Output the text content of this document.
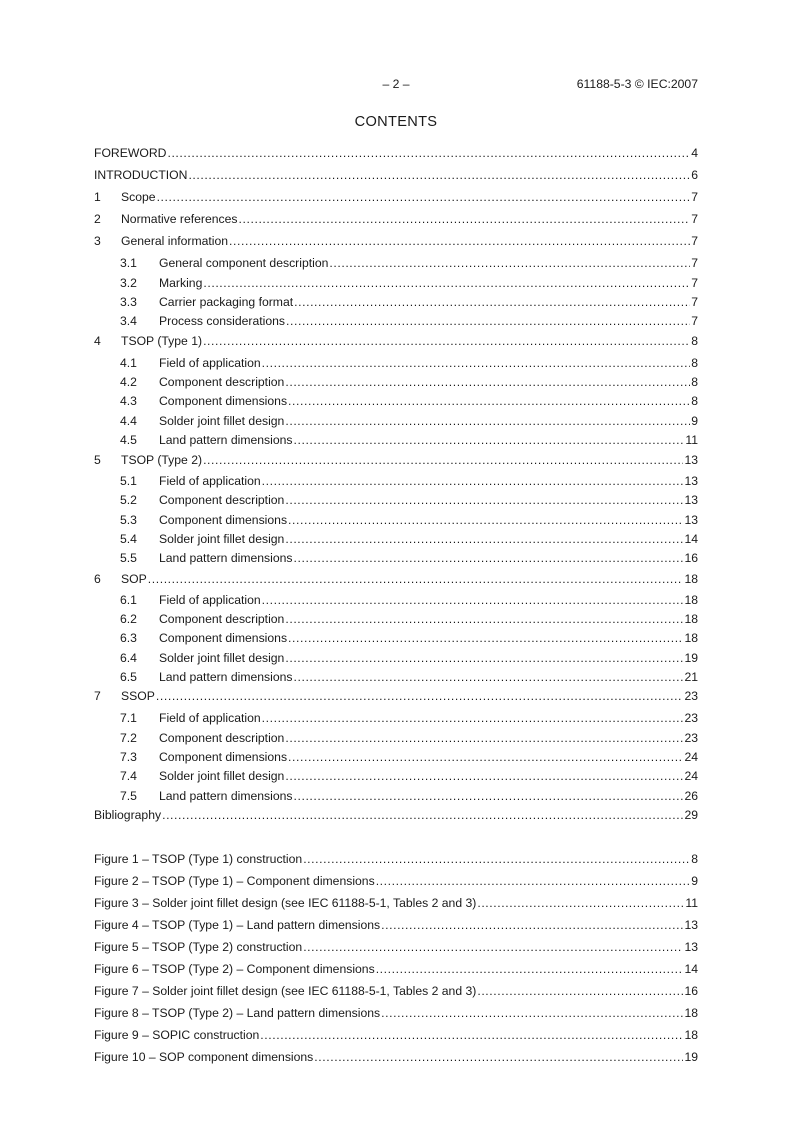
– 2 –	61188-5-3 © IEC:2007
CONTENTS
FOREWORD .....	4
INTRODUCTION .....	6
1	Scope .....	7
2	Normative references .....	7
3	General information .....	7
3.1	General component description .....	7
3.2	Marking .....	7
3.3	Carrier packaging format .....	7
3.4	Process considerations .....	7
4	TSOP (Type 1) .....	8
4.1	Field of application .....	8
4.2	Component description .....	8
4.3	Component dimensions .....	8
4.4	Solder joint fillet design .....	9
4.5	Land pattern dimensions .....	11
5	TSOP (Type 2) .....	13
5.1	Field of application .....	13
5.2	Component description .....	13
5.3	Component dimensions .....	13
5.4	Solder joint fillet design .....	14
5.5	Land pattern dimensions .....	16
6	SOP .....	18
6.1	Field of application .....	18
6.2	Component description .....	18
6.3	Component dimensions .....	18
6.4	Solder joint fillet design .....	19
6.5	Land pattern dimensions .....	21
7	SSOP .....	23
7.1	Field of application .....	23
7.2	Component description .....	23
7.3	Component dimensions .....	24
7.4	Solder joint fillet design .....	24
7.5	Land pattern dimensions .....	26
Bibliography .....	29
Figure 1 – TSOP (Type 1) construction .....	8
Figure 2 – TSOP (Type 1) – Component dimensions .....	9
Figure 3 – Solder joint fillet design (see IEC 61188-5-1, Tables 2 and 3) .....	11
Figure 4 – TSOP (Type 1) – Land pattern dimensions .....	13
Figure 5 – TSOP (Type 2) construction .....	13
Figure 6 – TSOP (Type 2) – Component dimensions .....	14
Figure 7 – Solder joint fillet design (see IEC 61188-5-1, Tables 2 and 3) .....	16
Figure 8 – TSOP (Type 2) – Land pattern dimensions .....	18
Figure 9 – SOPIC construction .....	18
Figure 10 – SOP component dimensions .....	19
